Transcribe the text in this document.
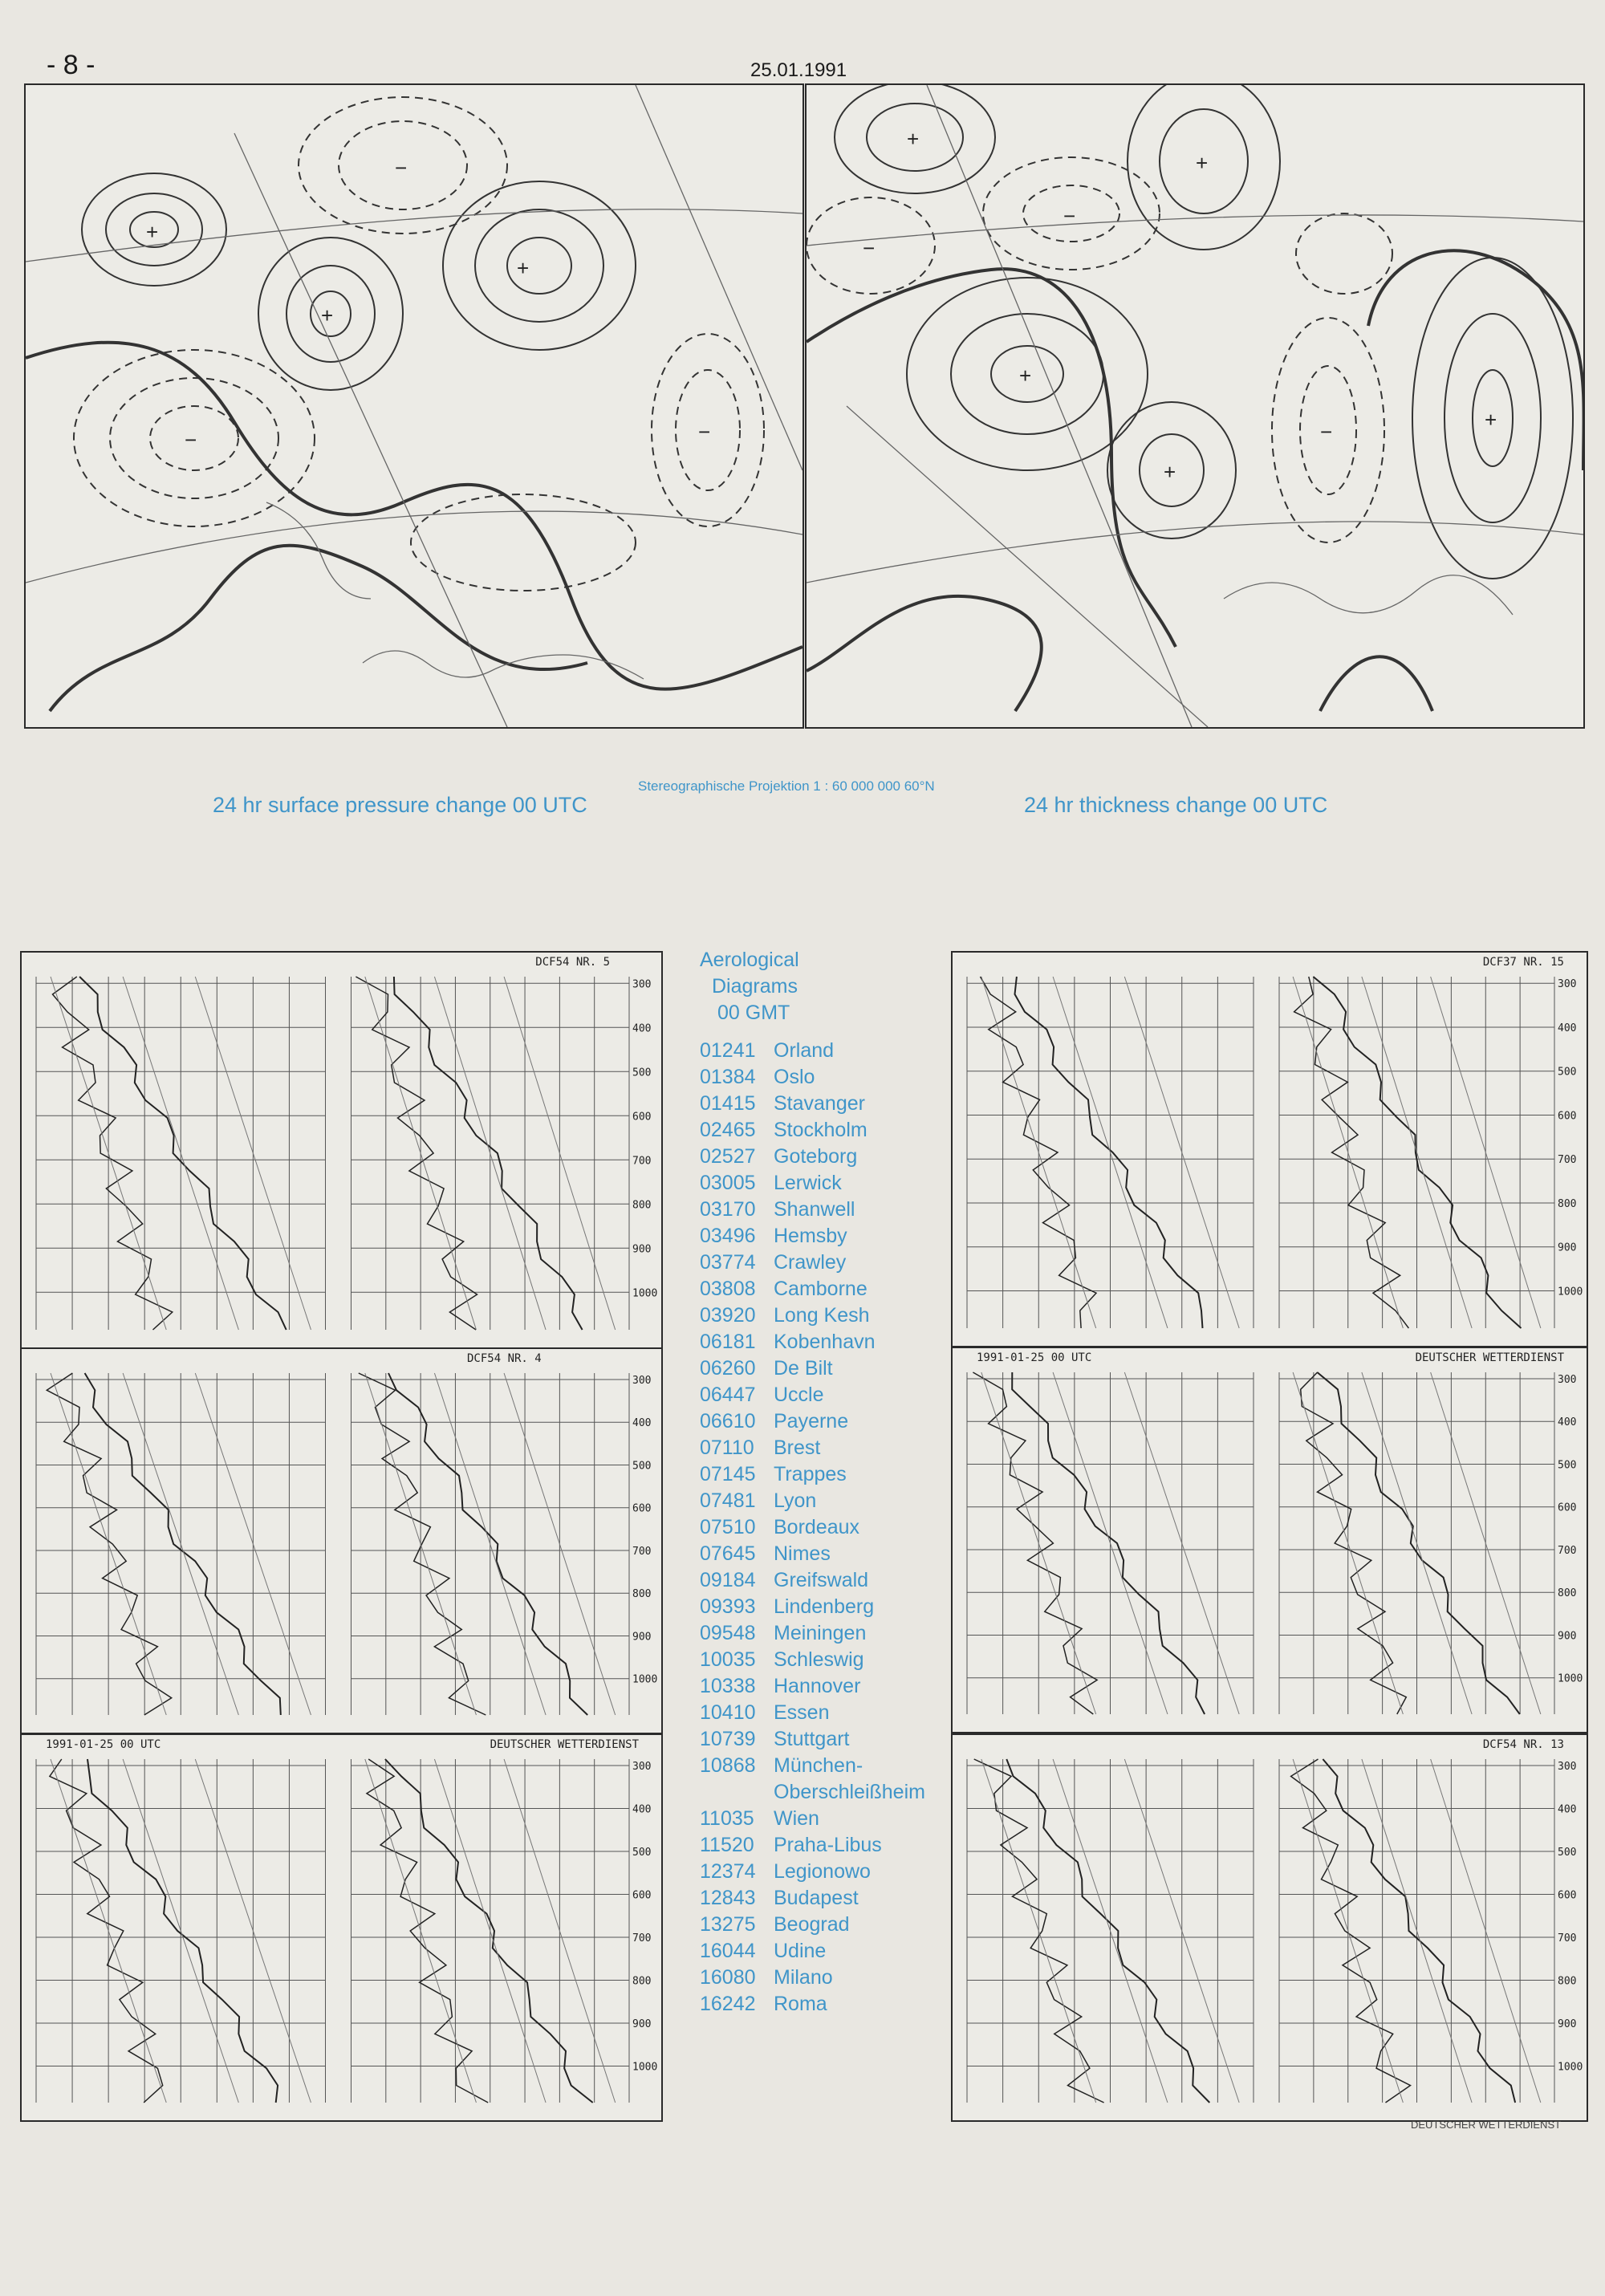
- 8 -	25.01.1991
+
+
+
−	−
−
+
+
+
+
+
−
−
−
24 hr surface pressure change 00 UTC
Stereographische Projektion 1 : 60 000 000 60°N
24 hr thickness change 00 UTC
300
400
500
600
700
800
900
1000
DCF54 NR. 5
300
400
500
600
700
800
900
1000
DCF54 NR. 4
300
400
500
600
700
800
900
1000
1991-01-25 00 UTC	DEUTSCHER WETTERDIENST
300
400
500
600
700
800
900
1000
DCF37 NR. 15
300
400
500
600
700
800
900
1000
1991-01-25 00 UTC	DEUTSCHER WETTERDIENST
300
400
500
600
700
800
900
1000
DCF54 NR. 13
Aerological
Diagrams
00 GMT
01241 Orland
01384 Oslo
01415 Stavanger
02465 Stockholm
02527 Goteborg
03005 Lerwick
03170 Shanwell
03496 Hemsby
03774 Crawley
03808 Camborne
03920 Long Kesh
06181 Kobenhavn
06260 De Bilt
06447 Uccle
06610 Payerne
07110 Brest
07145 Trappes
07481 Lyon
07510 Bordeaux
07645 Nimes
09184 Greifswald
09393 Lindenberg
09548 Meiningen
10035 Schleswig
10338 Hannover
10410 Essen
10739 Stuttgart
10868 München-
Oberschleißheim
11035 Wien
11520 Praha-Libus
12374 Legionowo
12843 Budapest
13275 Beograd
16044 Udine
16080 Milano
16242 Roma
DEUTSCHER WETTERDIENST
